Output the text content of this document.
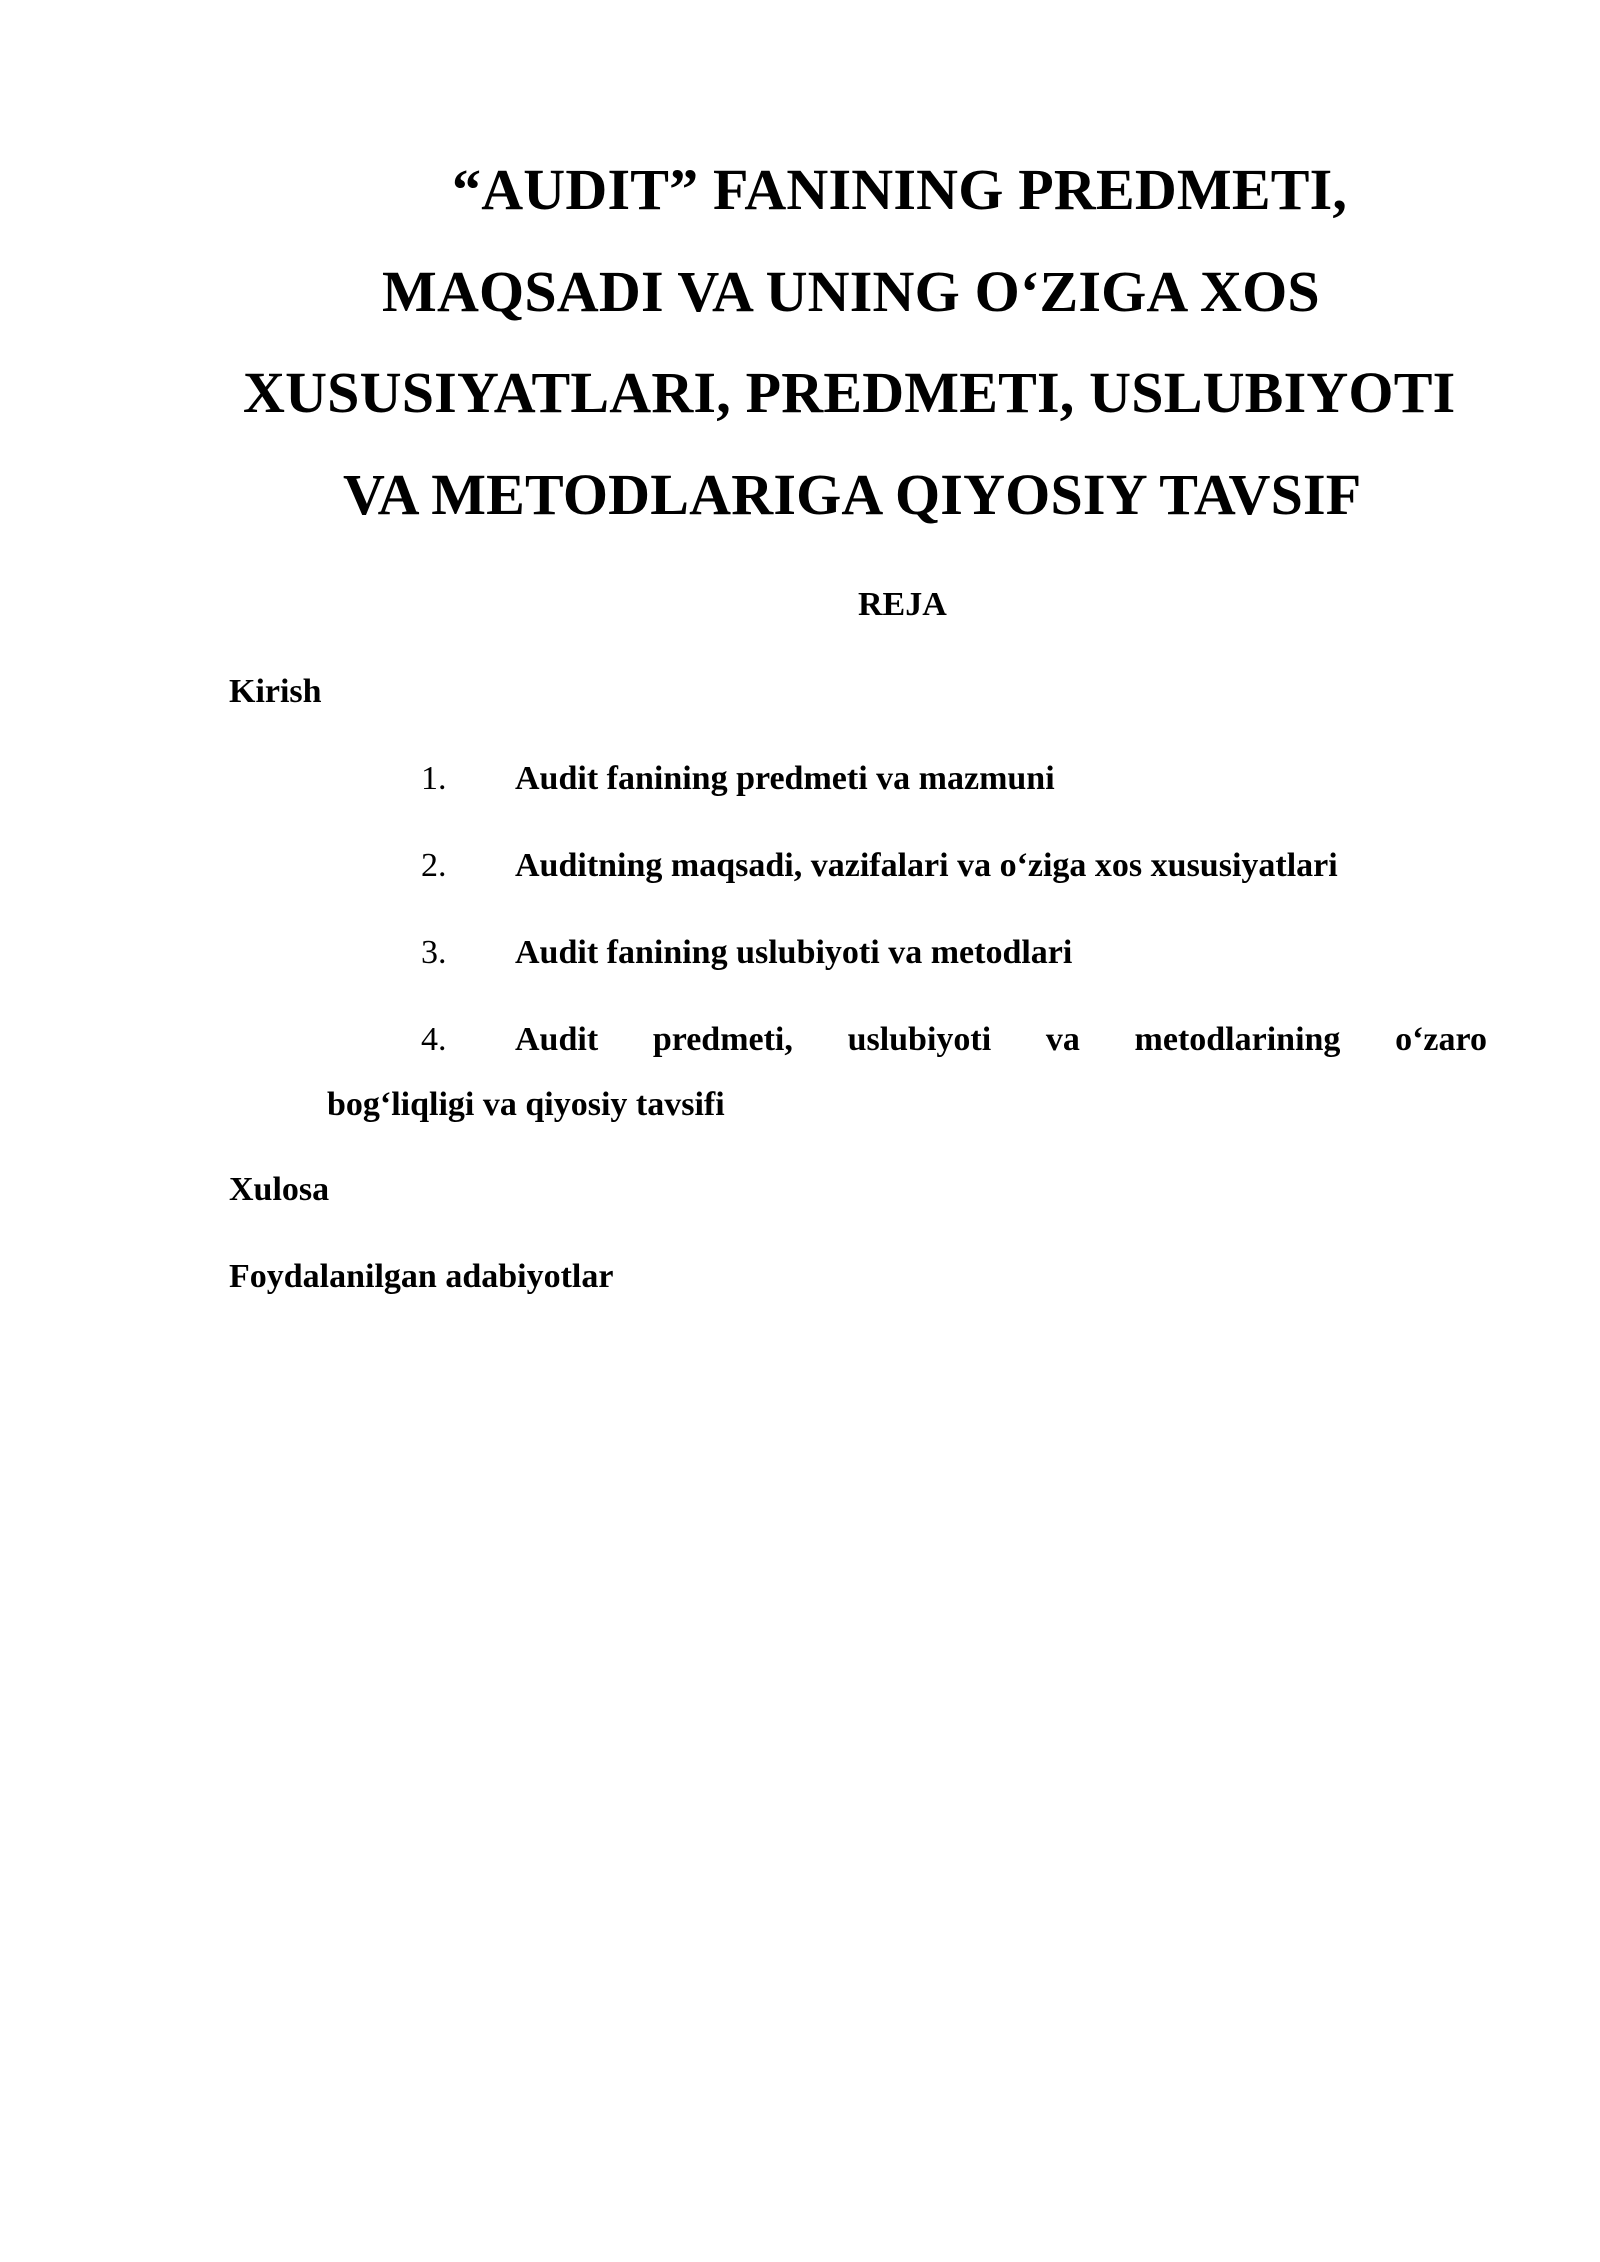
“AUDIT” FANINING PREDMETI,
MAQSADI VA UNING O‘ZIGA XOS
XUSUSIYATLARI, PREDMETI, USLUBIYOTI
VA METODLARIGA QIYOSIY TAVSIF
REJA
Kirish
1. Audit fanining predmeti va mazmuni
2. Auditning maqsadi, vazifalari va o‘ziga xos xususiyatlari
3. Audit fanining uslubiyoti va metodlari
4. Audit predmeti, uslubiyoti va metodlarining o‘zaro
bog‘liqligi va qiyosiy tavsifi
Xulosa
Foydalanilgan adabiyotlar
